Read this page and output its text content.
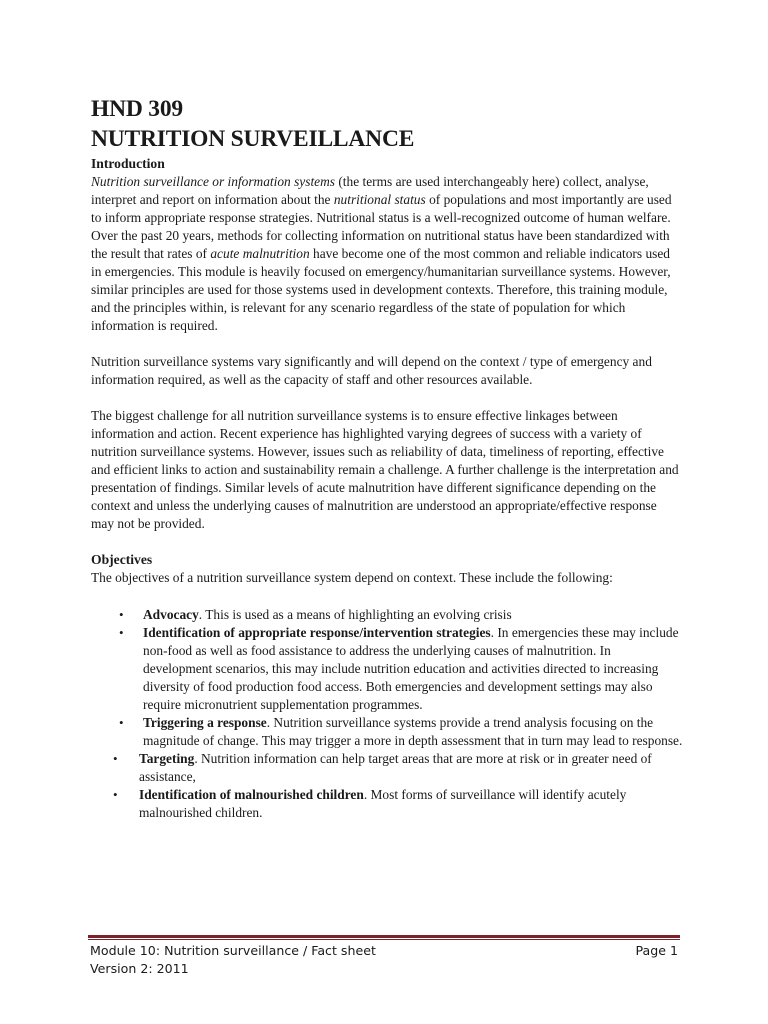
HND 309
NUTRITION SURVEILLANCE
Introduction

Nutrition surveillance or information systems (the terms are used interchangeably here) collect, analyse, interpret and report on information about the nutritional status of populations and most importantly are used to inform appropriate response strategies. Nutritional status is a well-recognized outcome of human welfare. Over the past 20 years, methods for collecting information on nutritional status have been standardized with the result that rates of acute malnutrition have become one of the most common and reliable indicators used in emergencies. This module is heavily focused on emergency/humanitarian surveillance systems. However, similar principles are used for those systems used in development contexts. Therefore, this training module, and the principles within, is relevant for any scenario regardless of the state of population for which information is required.

Nutrition surveillance systems vary significantly and will depend on the context / type of emergency and information required, as well as the capacity of staff and other resources available.

The biggest challenge for all nutrition surveillance systems is to ensure effective linkages between information and action. Recent experience has highlighted varying degrees of success with a variety of nutrition surveillance systems. However, issues such as reliability of data, timeliness of reporting, effective and efficient links to action and sustainability remain a challenge. A further challenge is the interpretation and presentation of findings. Similar levels of acute malnutrition have different significance depending on the context and unless the underlying causes of malnutrition are understood an appropriate/effective response may not be provided.

Objectives

The objectives of a nutrition surveillance system depend on context. These include the following:

• Advocacy. This is used as a means of highlighting an evolving crisis
• Identification of appropriate response/intervention strategies. In emergencies these may include non-food as well as food assistance to address the underlying causes of malnutrition. In development scenarios, this may include nutrition education and activities directed to increasing diversity of food production food access. Both emergencies and development settings may also require micronutrient supplementation programmes.
• Triggering a response. Nutrition surveillance systems provide a trend analysis focusing on the magnitude of change. This may trigger a more in depth assessment that in turn may lead to response.
• Targeting. Nutrition information can help target areas that are more at risk or in greater need of assistance,
• Identification of malnourished children. Most forms of surveillance will identify acutely malnourished children.
Module 10: Nutrition surveillance / Fact sheet	Page 1
Version 2: 2011
